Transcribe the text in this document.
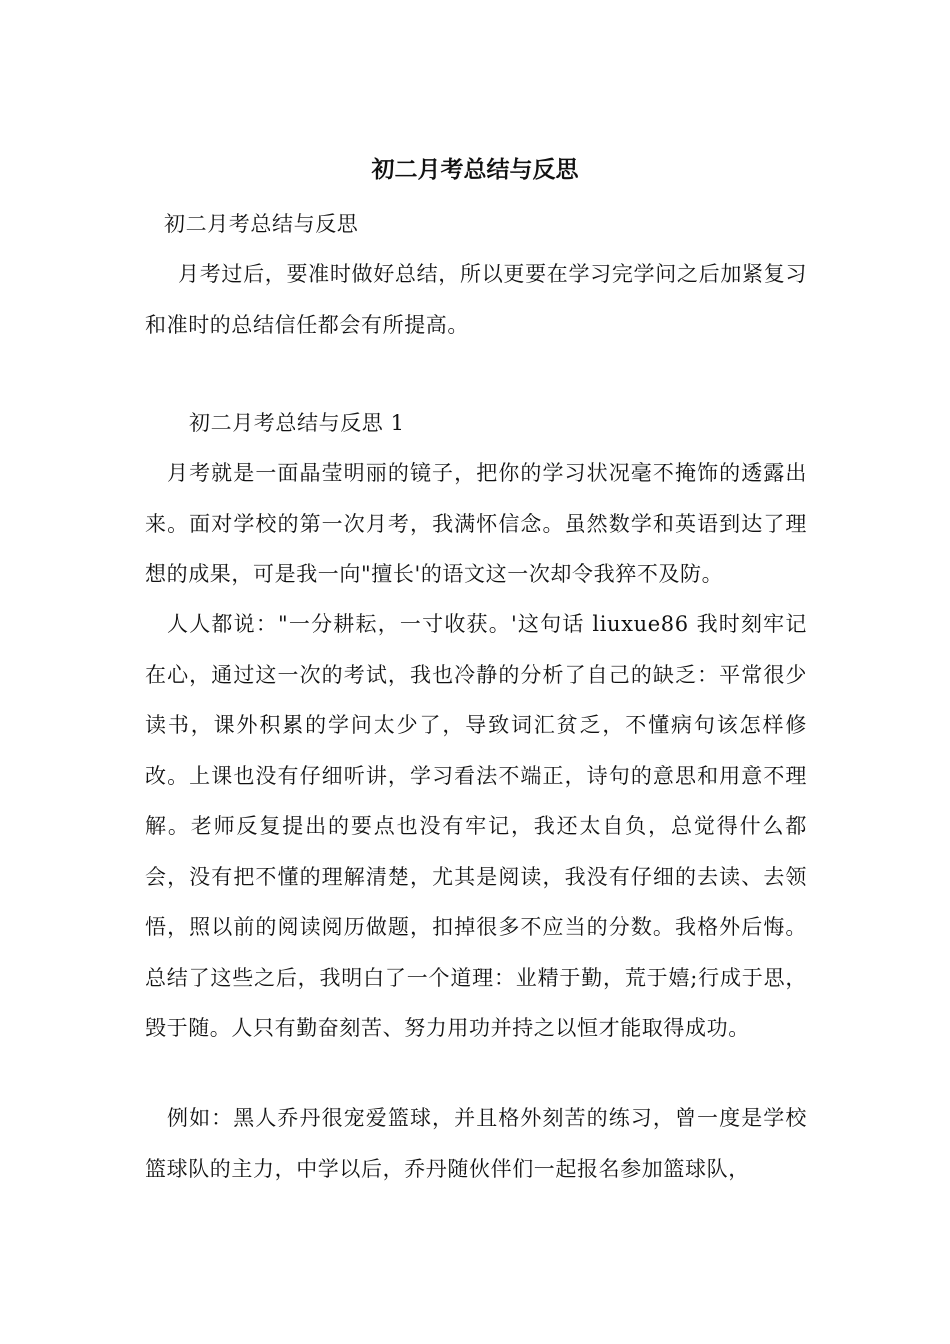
初二月考总结与反思

初二月考总结与反思

月考过后，要准时做好总结，所以更要在学习完学问之后加紧复习和准时的总结信任都会有所提高。

初二月考总结与反思 1

月考就是一面晶莹明丽的镜子，把你的学习状况毫不掩饰的透露出来。面对学校的第一次月考，我满怀信念。虽然数学和英语到达了理想的成果，可是我一向"擅长'的语文这一次却令我猝不及防。

人人都说："一分耕耘，一寸收获。'这句话 liuxue86 我时刻牢记在心，通过这一次的考试，我也冷静的分析了自己的缺乏：平常很少读书，课外积累的学问太少了，导致词汇贫乏，不懂病句该怎样修改。上课也没有仔细听讲，学习看法不端正，诗句的意思和用意不理解。老师反复提出的要点也没有牢记，我还太自负，总觉得什么都会，没有把不懂的理解清楚，尤其是阅读，我没有仔细的去读、去领悟，照以前的阅读阅历做题，扣掉很多不应当的分数。我格外后悔。总结了这些之后，我明白了一个道理：业精于勤，荒于嬉;行成于思，毁于随。人只有勤奋刻苦、努力用功并持之以恒才能取得成功。

例如：黑人乔丹很宠爱篮球，并且格外刻苦的练习，曾一度是学校篮球队的主力，中学以后，乔丹随伙伴们一起报名参加篮球队，
